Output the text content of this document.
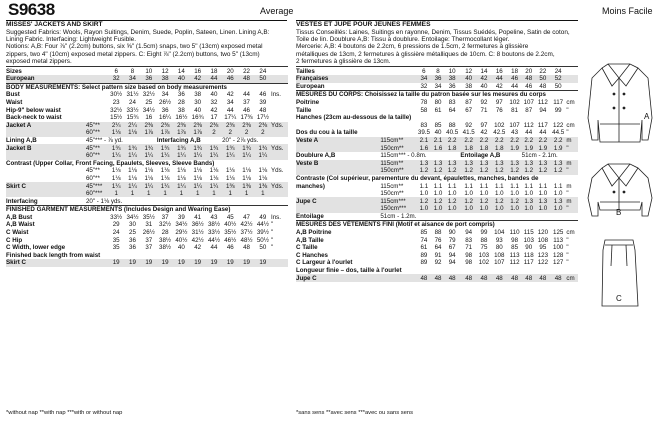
S9638	Average	Moins Facile

MISSES' JACKETS AND SKIRT

Suggested Fabrics: Wools, Rayon Suitings, Denim, Suede, Poplin, Sateen, Linen. Lining A,B:

Lining Fabric. Interfacing: Lightweight Fusible.

Notions: A,B: Four ⅞" (2.2cm) buttons, six ⅝" (1.5cm) snaps, two 5" (13cm) exposed metal

zippers, two 4" (10cm) exposed metal zippers. C: Eight ⅞" (2.2cm) buttons, two 5" (13cm)

exposed metal zippers.

Sizes		6	8	10	12	14	16	18	20	22	24	
European		32	34	36	38	40	42	44	46	48	50	
BODY MEASUREMENTS: Select pattern size based on body measurements												
Bust		30½	31½	32½	34	36	38	40	42	44	46	Ins.
Waist		23	24	25	26½	28	30	32	34	37	39	
Hip-9" below waist		32½	33½	34½	36	38	40	42	44	46	48	
Back-neck to waist		15½	15¾	16	16¼	16½	16¾	17	17¼	17⅜	17½	
Jacket A	45"**	2¼	2¼	2⅜	2⅜	2⅜	2⅜	2⅜	2⅜	2⅜	2⅜	Yds.
	60"**	1⅛	1⅛	1⅞	1⅞	1⅞	1⅞	2	2	2	2	
Lining A,B	45"*** - ⅞ yd.				Interfacing A,B				20" - 2⅞ yds.			
Jacket B	45"**	1¾	1¾	1¾	1¾	1¾	1¾	1¾	1¾	1¾	1¾	Yds.
	60"**	1¼	1¼	1¼	1¼	1¼	1¼	1¼	1¼	1¼	1¼	
Contrast (Upper Collar, Front Facing, Epaulets, Sleeves, Sleeve Bands)												
	45"**	1⅛	1⅛	1⅛	1⅛	1⅛	1⅛	1⅛	1⅛	1⅛	1⅛	Yds.
	60"**	1⅛	1⅛	1⅛	1⅛	1⅛	1⅛	1⅛	1⅛	1⅛	1⅛	
Skirt C	45"***	1¼	1¼	1¼	1¼	1¼	1¼	1¼	1⅜	1⅜	1⅜	Yds.
	60"***	1	1	1	1	1	1	1	1	1	1	
Interfacing	20" - 1⅛ yds.											
FINISHED GARMENT MEASUREMENTS (Includes Design and Wearing Ease)												
A,B Bust		33½	34½	35½	37	39	41	43	45	47	49	Ins.
A,B Waist		29	30	31	32½	34½	36½	38½	40½	42½	44½	"
C Waist		24	25	26½	28	29½	31½	33½	35½	37½	39½	"
C Hip		35	36	37	38½	40½	42½	44½	46½	48½	50½	"
C Width, lower edge		35	36	37	38½	40	42	44	46	48	50	"
Finished back length from waist												
Skirt C		19	19	19	19	19	19	19	19	19	19	

VESTES ET JUPE POUR JEUNES FEMMES

Tissus Conseillés: Laines, Suitings en rayonne, Denim, Tissus Suédés, Popeline, Satin de coton,

Toile de lin. Doublure A,B: Tissu à doublure. Entoilage: Thermocollant léger.

Mercerie: A,B: 4 boutons de 2.2cm, 6 pressions de 1.5cm, 2 fermetures à glissière

métalliques de 13cm, 2 fermetures à glissière métalliques de 10cm. C: 8 boutons de 2.2cm,

2 fermetures à glissière de 13cm.

Tailles		6	8	10	12	14	16	18	20	22	24	
Françaises		34	36	38	40	42	44	46	48	50	52	
European		32	34	36	38	40	42	44	46	48	50	
MESURES DU CORPS: Choisissez la taille du patron basée sur les mesures du corps												
Poitrine		78	80	83	87	92	97	102	107	112	117	cm
Taille		58	61	64	67	71	76	81	87	94	99	"
Hanches (23cm au-dessous de la taille)												
		83	85	88	92	97	102	107	112	117	122	cm
Dos du cou à la taille		39.5	40	40.5	41.5	42	42.5	43	44	44	44.5	"
Veste A	115cm**	2.1	2.1	2.2	2.2	2.2	2.2	2.2	2.2	2.2	2.2	m
	150cm**	1.6	1.6	1.8	1.8	1.8	1.8	1.9	1.9	1.9	1.9	"
Doublure A,B	115cm*** - 0.8m.				Entoilage A,B				51cm - 2.1m.			
Veste B	115cm**	1.3	1.3	1.3	1.3	1.3	1.3	1.3	1.3	1.3	1.3	m
	150cm**	1.2	1.2	1.2	1.2	1.2	1.2	1.2	1.2	1.2	1.2	"
Contraste (Col supérieur, parementure du devant, épaulettes, manches, bandes de												
manches)	115cm**	1.1	1.1	1.1	1.1	1.1	1.1	1.1	1.1	1.1	1.1	m
	150cm**	1.0	1.0	1.0	1.0	1.0	1.0	1.0	1.0	1.0	1.0	"
Jupe C	115cm***	1.2	1.2	1.2	1.2	1.2	1.2	1.2	1.3	1.3	1.3	m
	150cm***	1.0	1.0	1.0	1.0	1.0	1.0	1.0	1.0	1.0	1.0	"
Entoilage	51cm - 1.2m.											
MESURES DES VÊTEMENTS FINI (Motif et aisance de port compris)												
A,B Poitrine		85	88	90	94	99	104	110	115	120	125	cm
A,B Taille		74	76	79	83	88	93	98	103	108	113	"
C Taille		61	64	67	71	75	80	85	90	95	100	"
C Hanches		89	91	94	98	103	108	113	118	123	128	"
C Largeur à l'ourlet		89	92	94	98	102	107	112	117	122	127	"
Longueur finie – dos, taille à l'ourlet												
Jupe C		48	48	48	48	48	48	48	48	48	48	cm
A
B
C
*without nap **with nap ***with or without nap	*sans sens **avec sens ***avec ou sans sens
